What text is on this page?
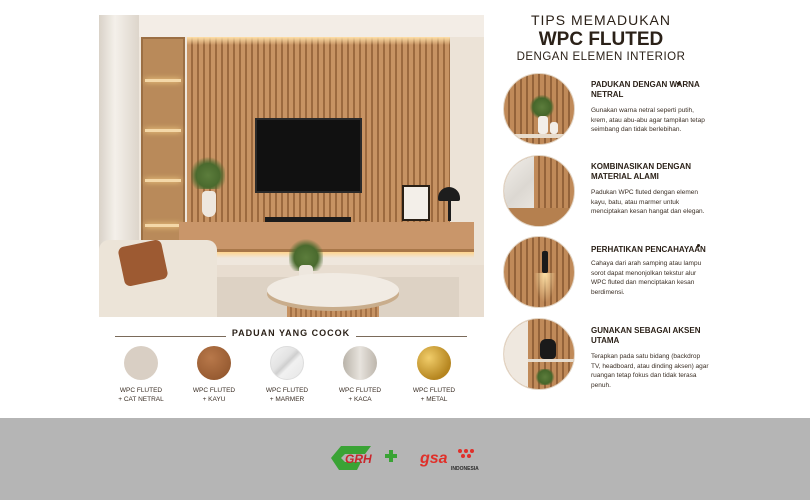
PADUAN YANG COCOK
WPC FLUTED
+ CAT NETRAL
WPC FLUTED
+ KAYU
WPC FLUTED
+ MARMER
WPC FLUTED
+ KACA
WPC FLUTED
+ METAL
TIPS MEMADUKAN
WPC FLUTED
DENGAN ELEMEN INTERIOR
PADUKAN DENGAN WARNA NETRAL
Gunakan warna netral seperti putih, krem, atau abu-abu agar tampilan tetap seimbang dan tidak berlebihan.
KOMBINASIKAN DENGAN MATERIAL ALAMI
Padukan WPC fluted dengan elemen kayu, batu, atau marmer untuk menciptakan kesan hangat dan elegan.
PERHATIKAN PENCAHAYAAN
Cahaya dari arah samping atau lampu sorot dapat menonjolkan tekstur alur WPC fluted dan menciptakan kesan berdimensi.
GUNAKAN SEBAGAI AKSEN UTAMA
Terapkan pada satu bidang (backdrop TV, headboard, atau dinding aksen) agar ruangan tetap fokus dan tidak terasa penuh.
GRH	gsa
INDONESIA
